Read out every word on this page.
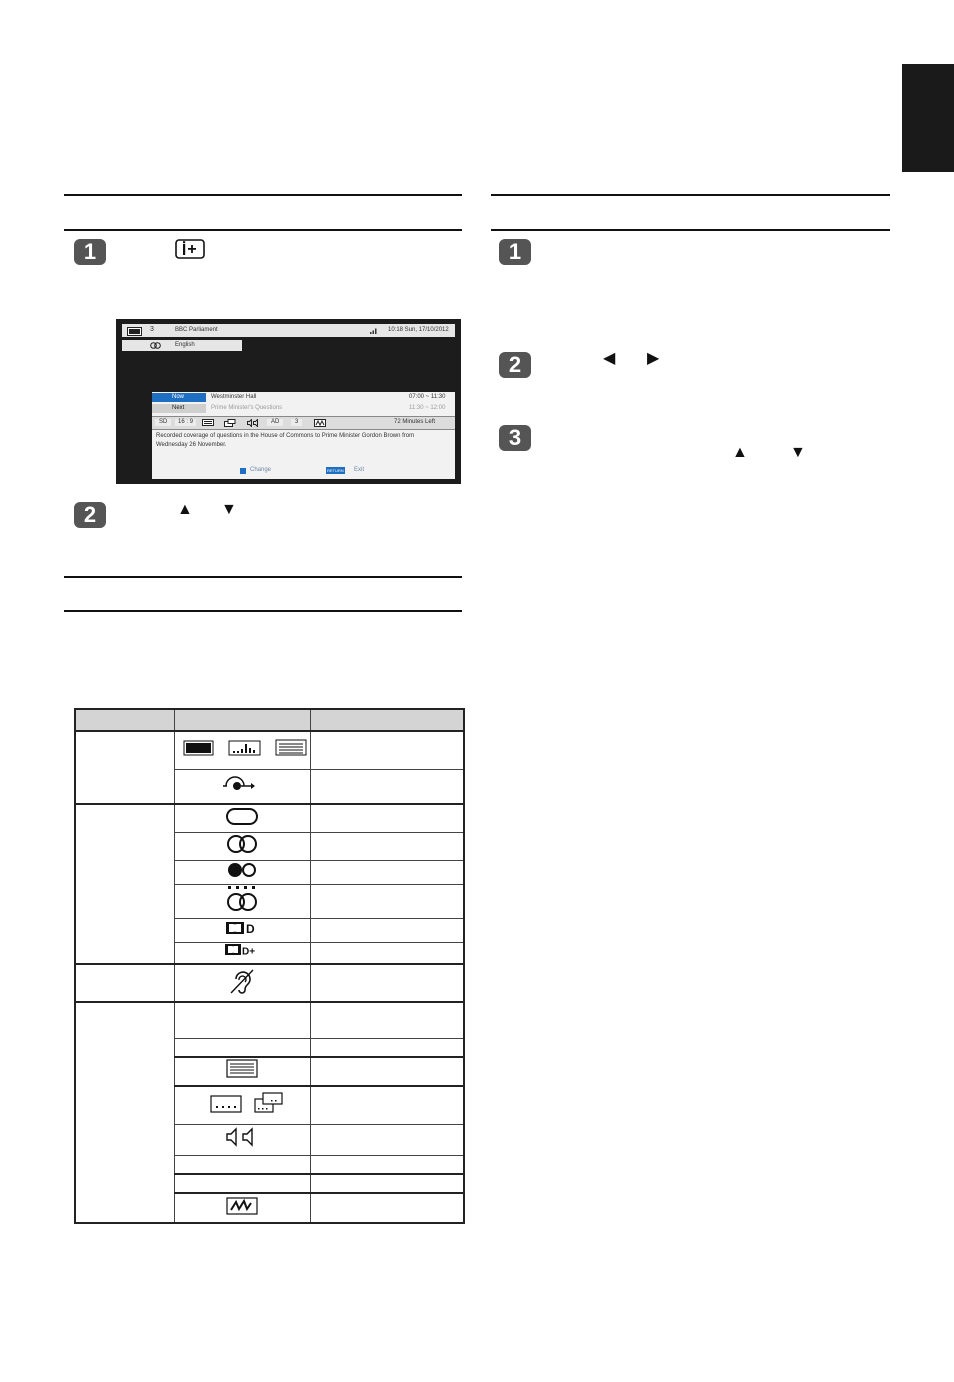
1
3	BBC Parliament	10:18 Sun, 17/10/2012
English
Now	Westminster Hall	07:00 ~ 11:30
Next	Prime Minister's Questions	11:30 ~ 12:00
SD	16 : 9	AD	3	72 Minutes Left
Recorded coverage of questions in the House of Commons to Prime Minister Gordon Brown from Wednesday 26 November.
Change	RETURN Exit
2	▲ ▼

D	

D+	

1
2	◀ ▶
3
▲	▼
